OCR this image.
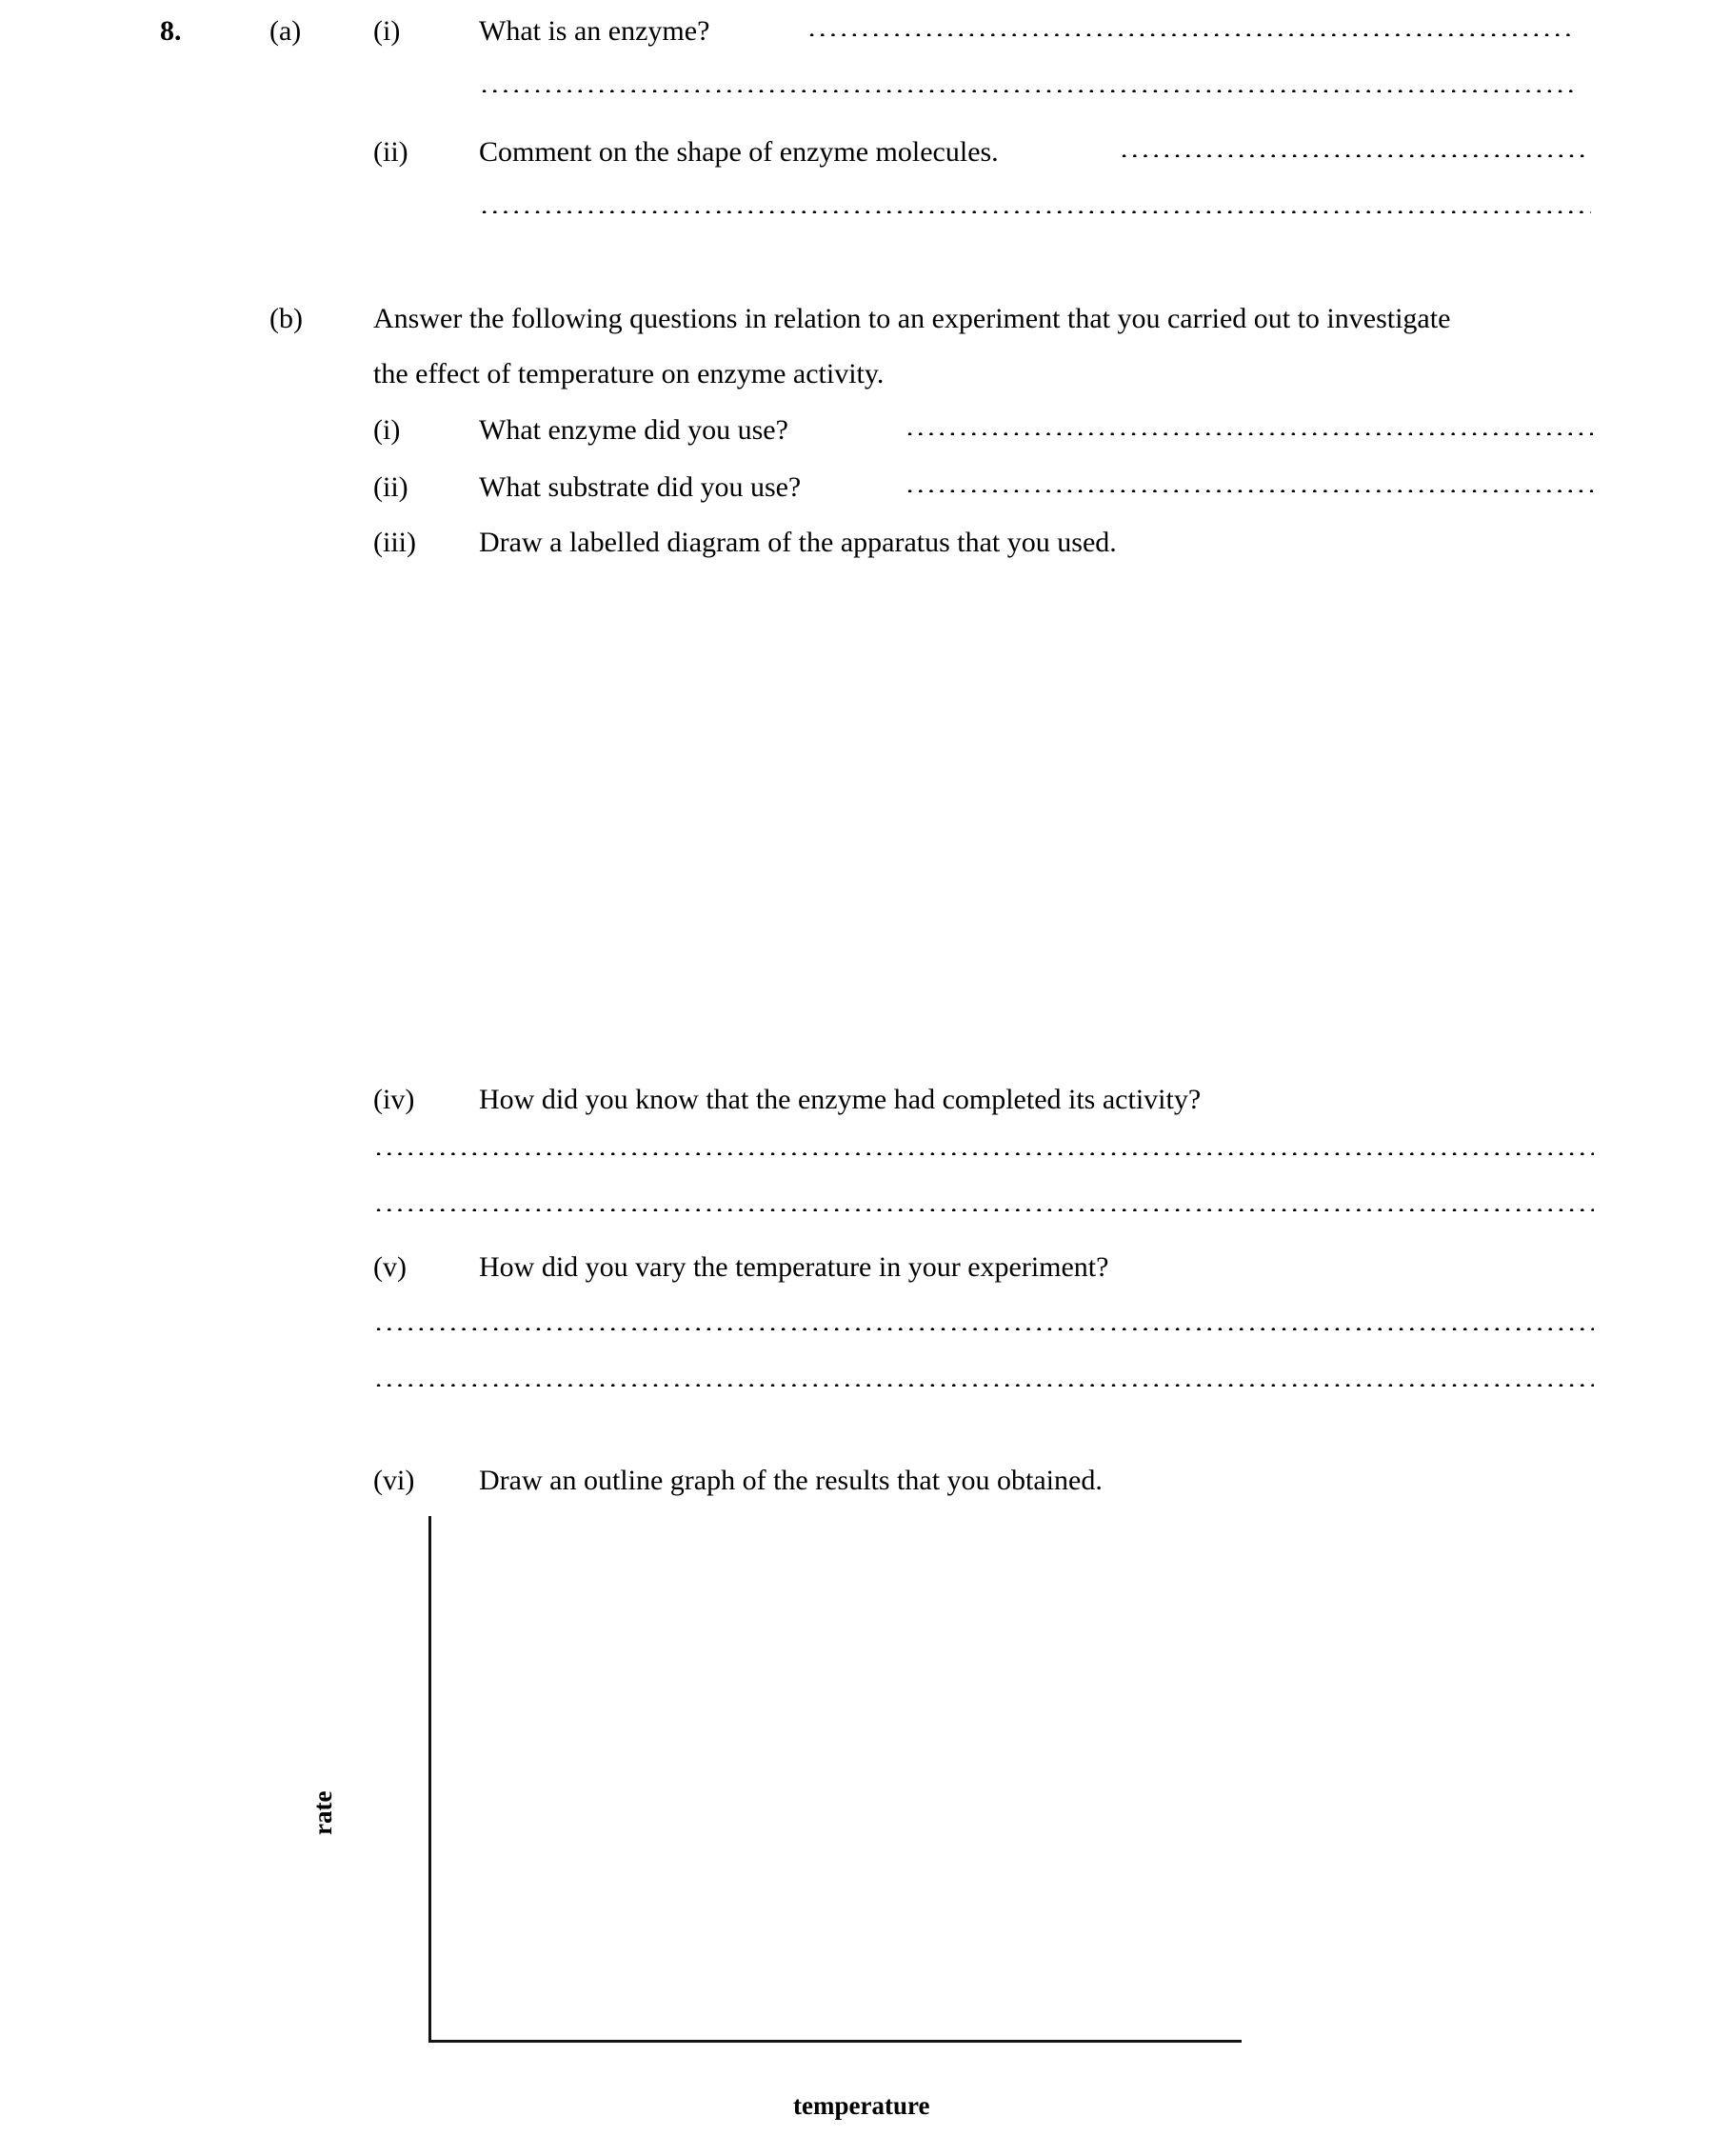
8.	(a)	(i)	What is an enzyme?
(ii) Comment on the shape of enzyme molecules.
(b) Answer the following questions in relation to an experiment that you carried out to investigate
the effect of temperature on enzyme activity.
(i)	What enzyme did you use?
(ii) What substrate did you use?
(iii) Draw a labelled diagram of the apparatus that you used.
(iv) How did you know that the enzyme had completed its activity?
(v)	How did you vary the temperature in your experiment?
(vi) Draw an outline graph of the results that you obtained.
rate
temperature
